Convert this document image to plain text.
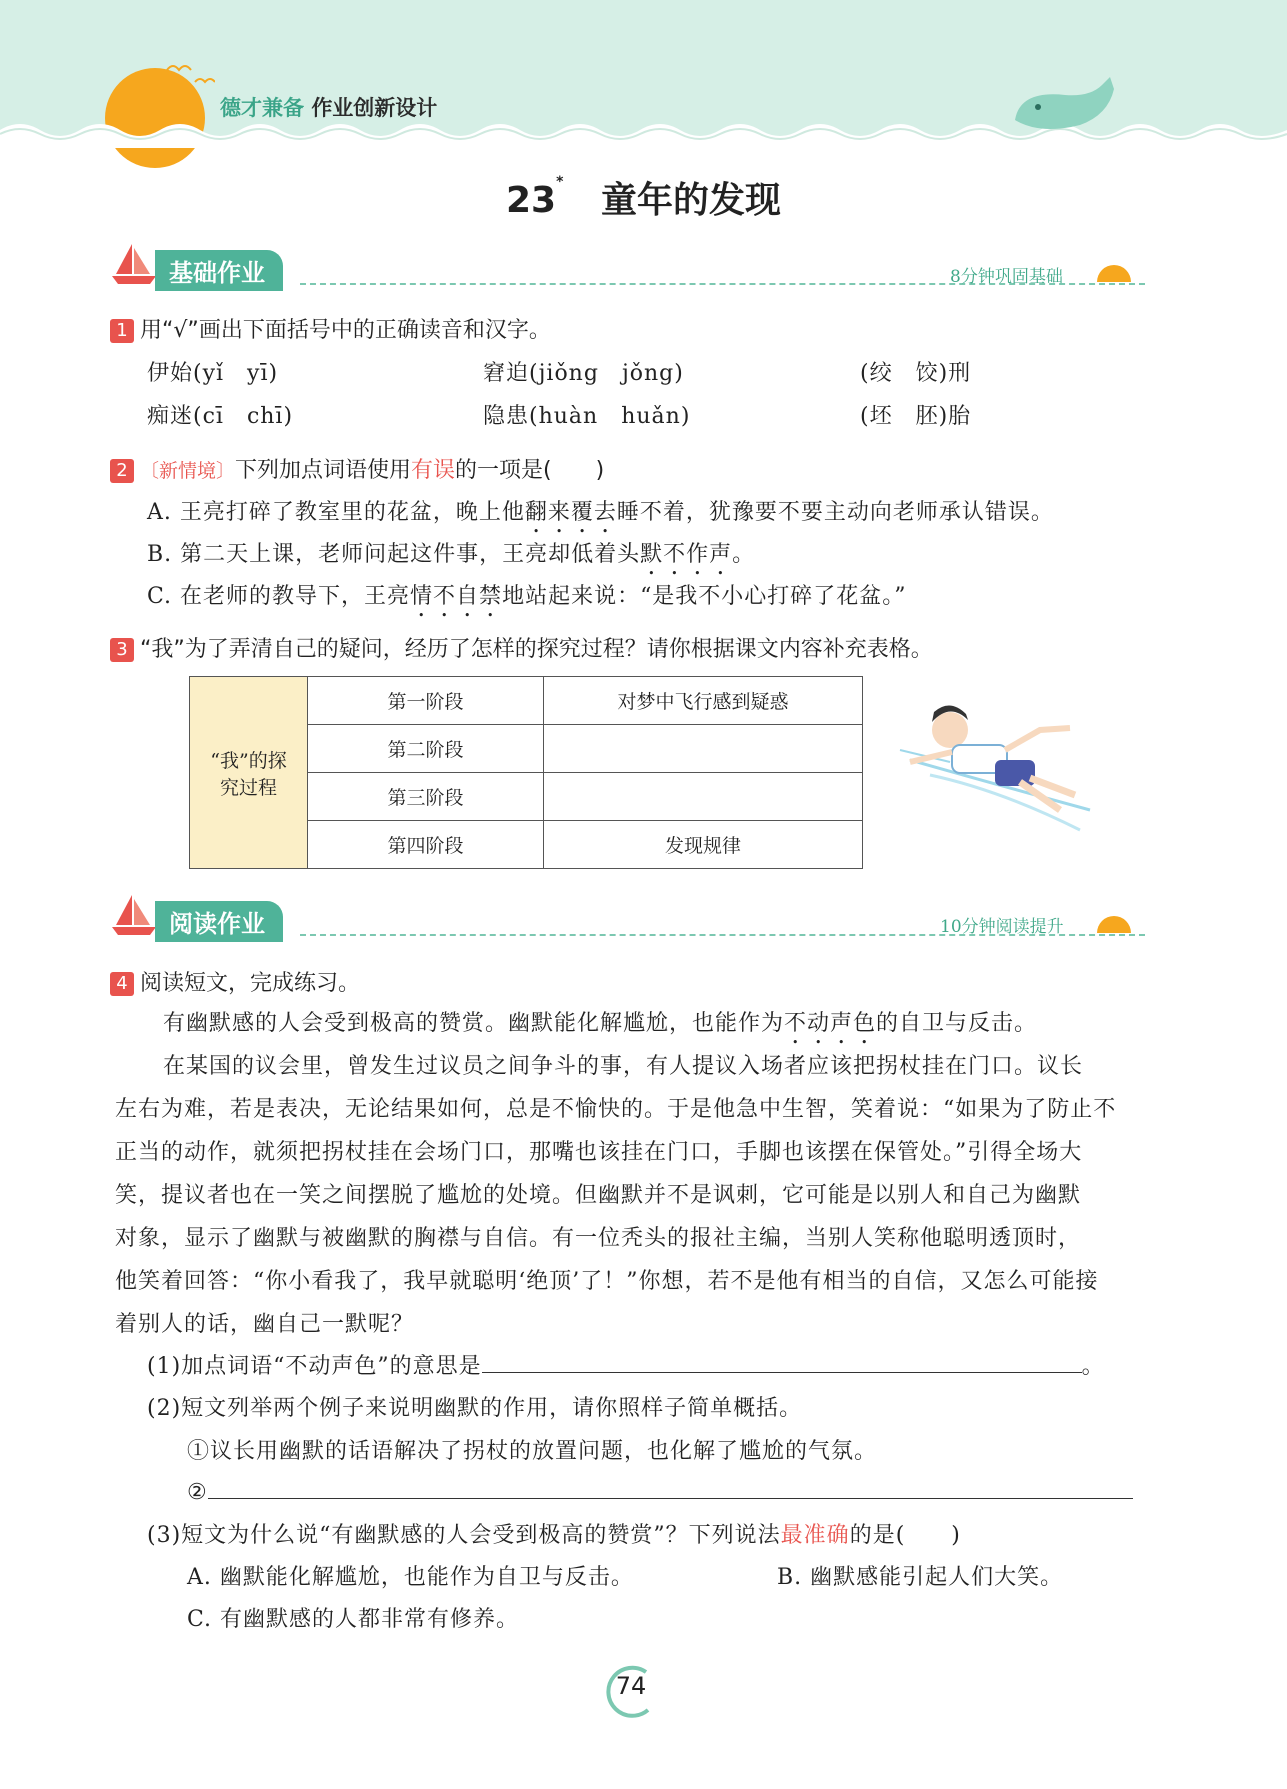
德才兼备 作业创新设计
23* 童年的发现
基础作业	8分钟巩固基础
1 用“√”画出下面括号中的正确读音和汉字。
伊始(yǐ　yī)	窘迫(jiǒng　jǒng)	(绞　饺)刑
痴迷(cī　chī)	隐患(huàn　huǎn)	(坯　胚)胎
2 〔新情境〕下列加点词语使用有误的一项是(　　)
A. 王亮打碎了教室里的花盆，晚上他翻来覆去睡不着，犹豫要不要主动向老师承认错误。
B. 第二天上课，老师问起这件事，王亮却低着头默不作声。
C. 在老师的教导下，王亮情不自禁地站起来说：“是我不小心打碎了花盆。”
3 “我”为了弄清自己的疑问，经历了怎样的探究过程？请你根据课文内容补充表格。
“我”的探
究过程	第一阶段	对梦中飞行感到疑惑
	第二阶段	
	第三阶段	
	第四阶段	发现规律
阅读作业	10分钟阅读提升
4 阅读短文，完成练习。
有幽默感的人会受到极高的赞赏。幽默能化解尴尬，也能作为不动声色的自卫与反击。
在某国的议会里，曾发生过议员之间争斗的事，有人提议入场者应该把拐杖挂在门口。议长
左右为难，若是表决，无论结果如何，总是不愉快的。于是他急中生智，笑着说：“如果为了防止不
正当的动作，就须把拐杖挂在会场门口，那嘴也该挂在门口，手脚也该摆在保管处。”引得全场大
笑，提议者也在一笑之间摆脱了尴尬的处境。但幽默并不是讽刺，它可能是以别人和自己为幽默
对象，显示了幽默与被幽默的胸襟与自信。有一位秃头的报社主编，当别人笑称他聪明透顶时，
他笑着回答：“你小看我了，我早就聪明‘绝顶’了！”你想，若不是他有相当的自信，又怎么可能接
着别人的话，幽自己一默呢？
(1)加点词语“不动声色”的意思是	。
(2)短文列举两个例子来说明幽默的作用，请你照样子简单概括。
①议长用幽默的话语解决了拐杖的放置问题，也化解了尴尬的气氛。
②
(3)短文为什么说“有幽默感的人会受到极高的赞赏”？下列说法最准确的是(　　)
A. 幽默能化解尴尬，也能作为自卫与反击。	B. 幽默感能引起人们大笑。
C. 有幽默感的人都非常有修养。
74
